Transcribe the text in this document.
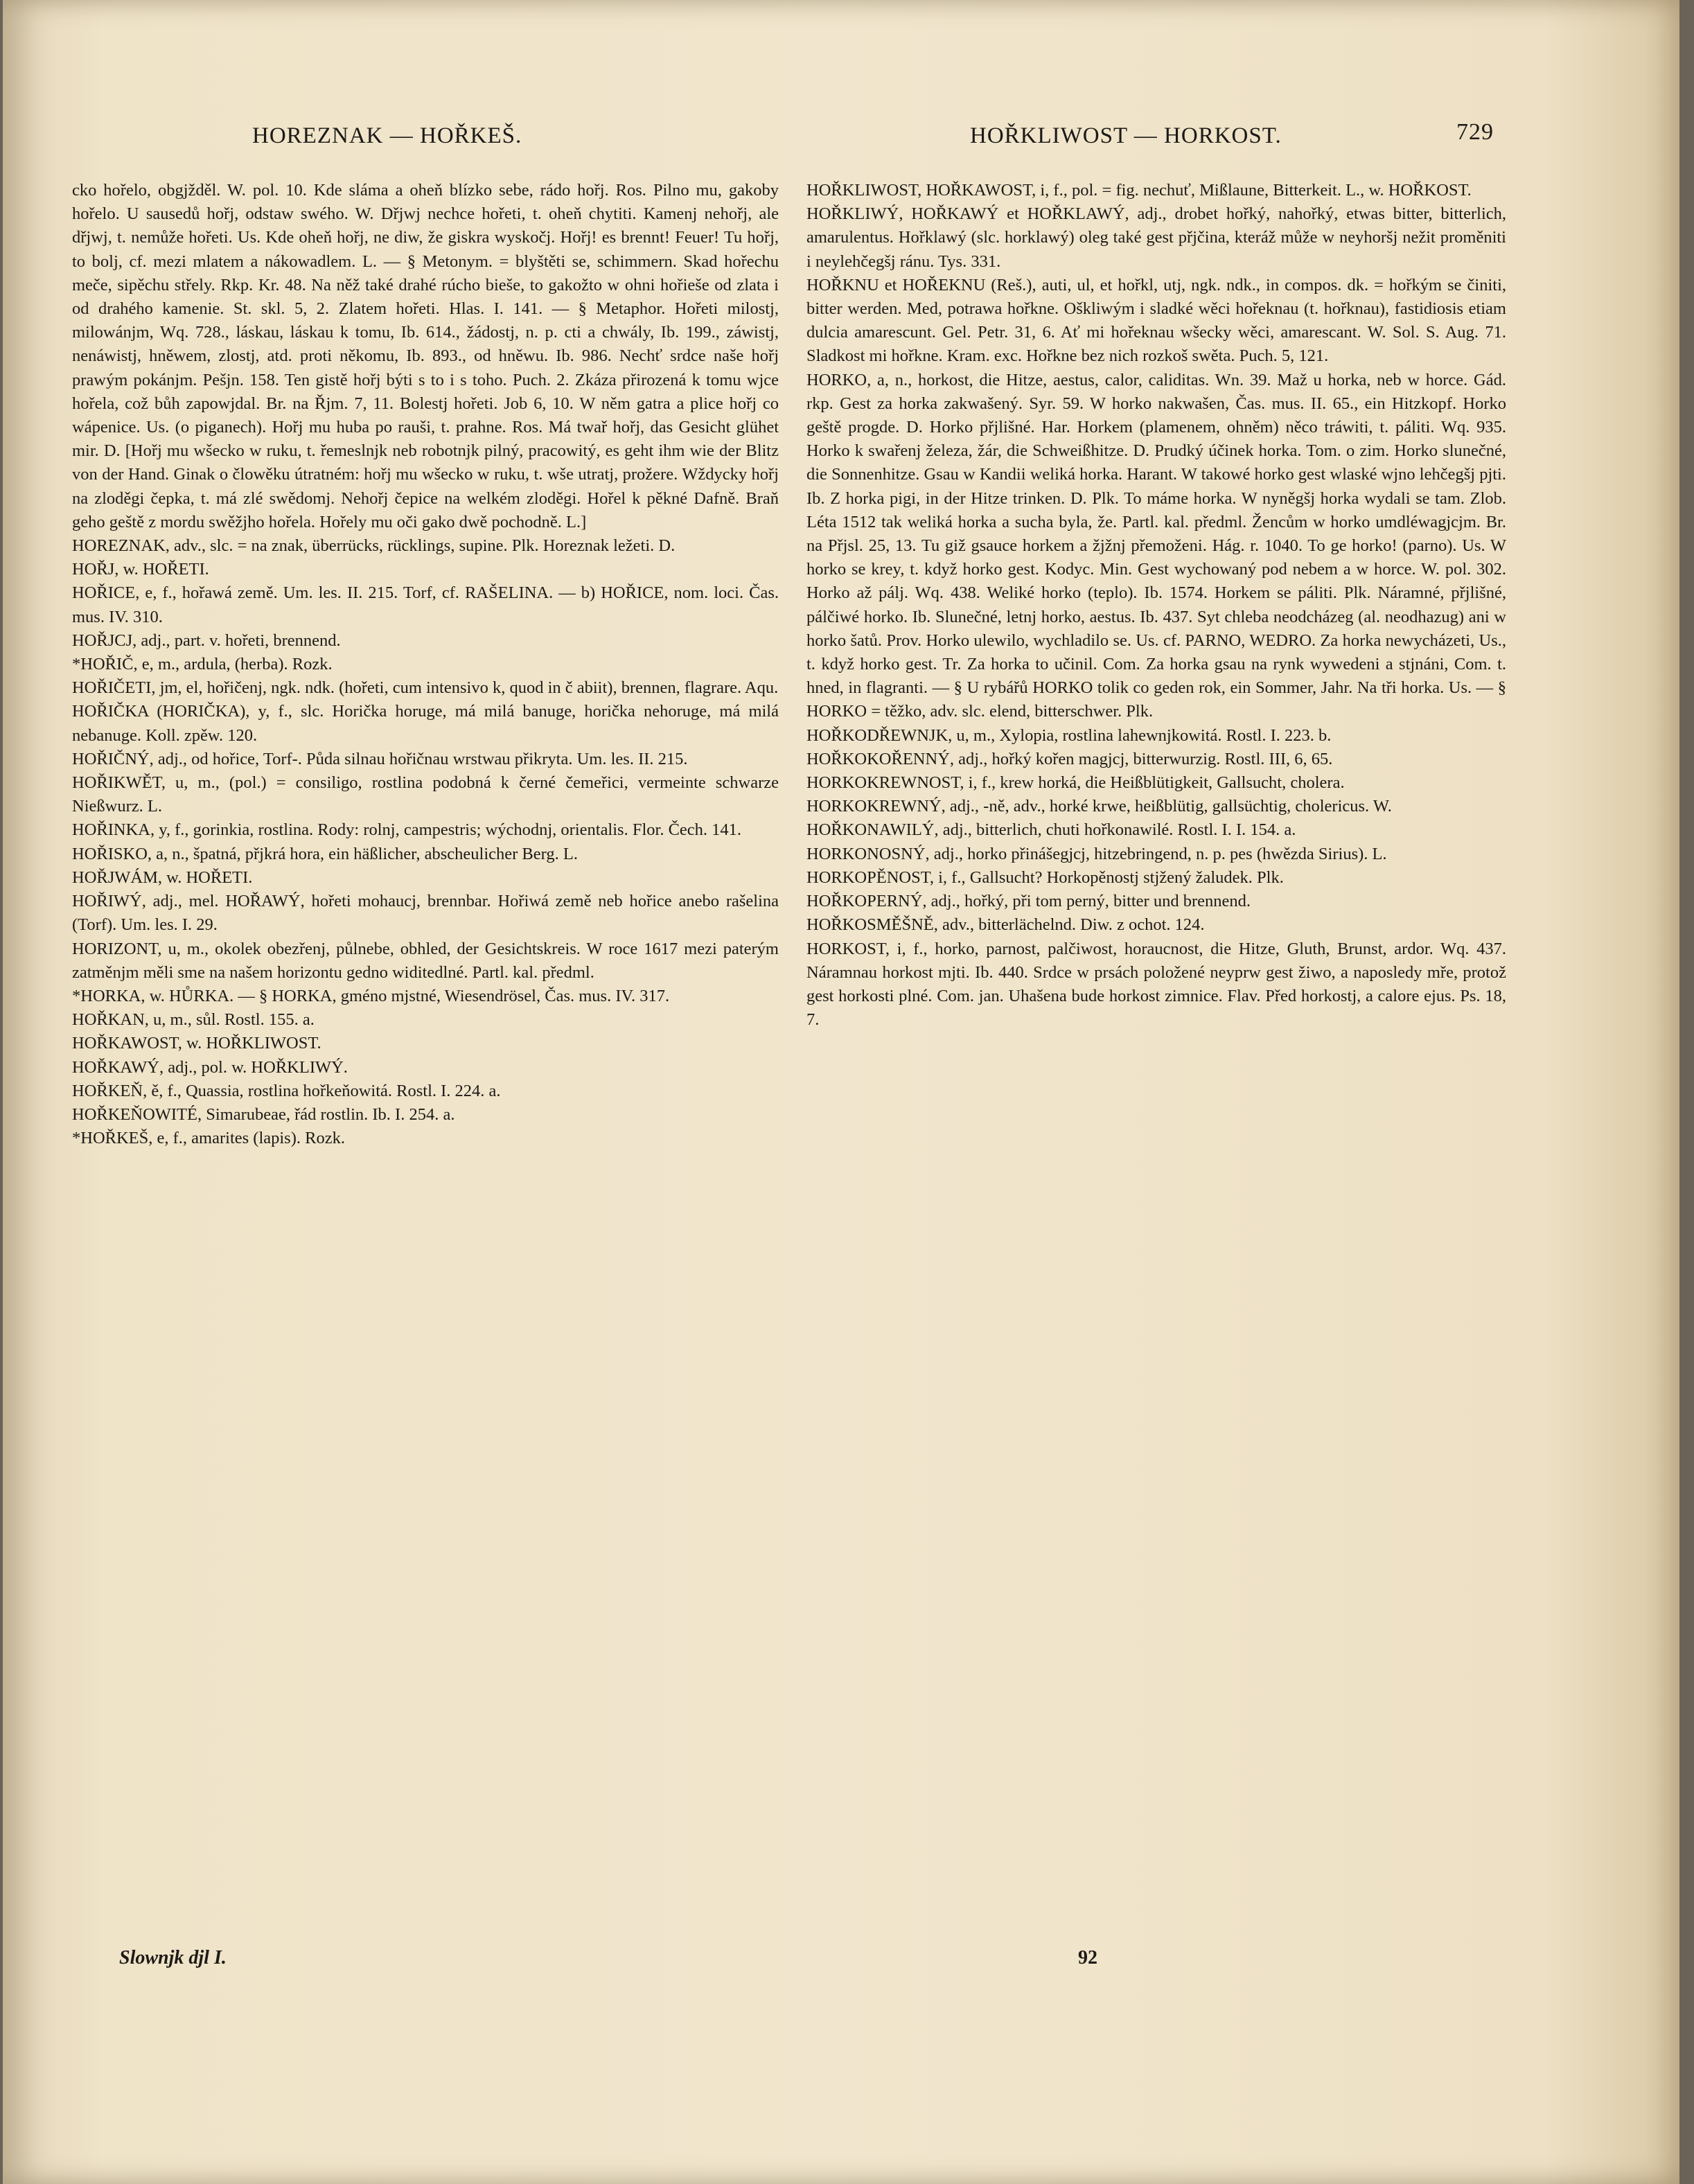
HOREZNAK — HOŘKEŠ.	HOŘKLIWOST — HORKOST.	729

cko hořelo, obgjžděl. W. pol. 10. Kde sláma a oheň blízko sebe, rádo hořj. Ros. Pilno mu, gakoby hořelo. U sausedů hořj, odstaw swého. W. Dřjwj nechce hořeti, t. oheň chytiti. Kamenj nehořj, ale dřjwj, t. nemůže hořeti. Us. Kde oheň hořj, ne diw, že giskra wyskočj. Hořj! es brennt! Feuer! Tu hořj, to bolj, cf. mezi mlatem a nákowadlem. L. — § Metonym. = blyštěti se, schimmern. Skad hořechu meče, sipěchu střely. Rkp. Kr. 48. Na něž také drahé rúcho bieše, to gakožto w ohni hořieše od zlata i od drahého kamenie. St. skl. 5, 2. Zlatem hořeti. Hlas. I. 141. — § Metaphor. Hořeti milostj, milowánjm, Wq. 728., láskau, láskau k tomu, Ib. 614., žádostj, n. p. cti a chwály, Ib. 199., záwistj, nenáwistj, hněwem, zlostj, atd. proti někomu, Ib. 893., od hněwu. Ib. 986. Nechť srdce naše hořj prawým pokánjm. Pešjn. 158. Ten gistě hořj býti s to i s toho. Puch. 2. Zkáza přirozená k tomu wjce hořela, což bůh zapowjdal. Br. na Řjm. 7, 11. Bolestj hořeti. Job 6, 10. W něm gatra a plice hořj co wápenice. Us. (o piganech). Hořj mu huba po rauši, t. prahne. Ros. Má twař hořj, das Gesicht glühet mir. D. [Hořj mu wšecko w ruku, t. řemeslnjk neb robotnjk pilný, pracowitý, es geht ihm wie der Blitz von der Hand. Ginak o člowěku útratném: hořj mu wšecko w ruku, t. wše utratj, prožere. Wždycky hořj na zloděgi čepka, t. má zlé swědomj. Nehořj čepice na welkém zloděgi. Hořel k pěkné Dafně. Braň geho geště z mordu swěžjho hořela. Hořely mu oči gako dwě pochodně. L.]

HOREZNAK, adv., slc. = na znak, überrücks, rücklings, supine. Plk. Horeznak ležeti. D.

HOŘJ, w. HOŘETI.

HOŘICE, e, f., hořawá země. Um. les. II. 215. Torf, cf. RAŠELINA. — b) HOŘICE, nom. loci. Čas. mus. IV. 310.

HOŘJCJ, adj., part. v. hořeti, brennend.

*HOŘIČ, e, m., ardula, (herba). Rozk.

HOŘIČETI, jm, el, hořičenj, ngk. ndk. (hořeti, cum intensivo k, quod in č abiit), brennen, flagrare. Aqu.

HOŘIČKA (HORIČKA), y, f., slc. Horička horuge, má milá banuge, horička nehoruge, má milá nebanuge. Koll. zpěw. 120.

HOŘIČNÝ, adj., od hořice, Torf-. Půda silnau hořičnau wrstwau přikryta. Um. les. II. 215.

HOŘIKWĚT, u, m., (pol.) = consiligo, rostlina podobná k černé čemeřici, vermeinte schwarze Nießwurz. L.

HOŘINKA, y, f., gorinkia, rostlina. Rody: rolnj, campestris; wýchodnj, orientalis. Flor. Čech. 141.

HOŘISKO, a, n., špatná, přjkrá hora, ein häßlicher, abscheulicher Berg. L.

HOŘJWÁM, w. HOŘETI.

HOŘIWÝ, adj., mel. HOŘAWÝ, hořeti mohaucj, brennbar. Hořiwá země neb hořice anebo rašelina (Torf). Um. les. I. 29.

HORIZONT, u, m., okolek obezřenj, půlnebe, obhled, der Gesichtskreis. W roce 1617 mezi paterým zatměnjm měli sme na našem horizontu gedno widitedlné. Partl. kal. předml.

*HORKA, w. HŮRKA. — § HORKA, gméno mjstné, Wiesendrösel, Čas. mus. IV. 317.

HOŘKAN, u, m., sůl. Rostl. 155. a.

HOŘKAWOST, w. HOŘKLIWOST.

HOŘKAWÝ, adj., pol. w. HOŘKLIWÝ.

HOŘKEŇ, ě, f., Quassia, rostlina hořkeňowitá. Rostl. I. 224. a.

HOŘKEŇOWITÉ, Simarubeae, řád rostlin. Ib. I. 254. a.

*HOŘKEŠ, e, f., amarites (lapis). Rozk.

HOŘKLIWOST, HOŘKAWOST, i, f., pol. = fig. nechuť, Mißlaune, Bitterkeit. L., w. HOŘKOST.

HOŘKLIWÝ, HOŘKAWÝ et HOŘKLAWÝ, adj., drobet hořký, nahořký, etwas bitter, bitterlich, amarulentus. Hořklawý (slc. horklawý) oleg také gest přjčina, kteráž může w neyhoršj nežit proměniti i neylehčegšj ránu. Tys. 331.

HOŘKNU et HOŘEKNU (Reš.), auti, ul, et hořkl, utj, ngk. ndk., in compos. dk. = hořkým se činiti, bitter werden. Med, potrawa hořkne. Oškliwým i sladké wěci hořeknau (t. hořknau), fastidiosis etiam dulcia amarescunt. Gel. Petr. 31, 6. Ať mi hořeknau wšecky wěci, amarescant. W. Sol. S. Aug. 71. Sladkost mi hořkne. Kram. exc. Hořkne bez nich rozkoš swěta. Puch. 5, 121.

HORKO, a, n., horkost, die Hitze, aestus, calor, caliditas. Wn. 39. Maž u horka, neb w horce. Gád. rkp. Gest za horka zakwašený. Syr. 59. W horko nakwašen, Čas. mus. II. 65., ein Hitzkopf. Horko geště progde. D. Horko přjlišné. Har. Horkem (plamenem, ohněm) něco tráwiti, t. páliti. Wq. 935. Horko k swařenj železa, žár, die Schweißhitze. D. Prudký účinek horka. Tom. o zim. Horko slunečné, die Sonnenhitze. Gsau w Kandii weliká horka. Harant. W takowé horko gest wlaské wjno lehčegšj pjti. Ib. Z horka pigi, in der Hitze trinken. D. Plk. To máme horka. W nyněgšj horka wydali se tam. Zlob. Léta 1512 tak weliká horka a sucha byla, že. Partl. kal. předml. Žencům w horko umdléwagjcjm. Br. na Přjsl. 25, 13. Tu giž gsauce horkem a žjžnj přemoženi. Hág. r. 1040. To ge horko! (parno). Us. W horko se krey, t. když horko gest. Kodyc. Min. Gest wychowaný pod nebem a w horce. W. pol. 302. Horko až pálj. Wq. 438. Weliké horko (teplo). Ib. 1574. Horkem se páliti. Plk. Náramné, přjlišné, pálčiwé horko. Ib. Slunečné, letnj horko, aestus. Ib. 437. Syt chleba neodcházeg (al. neodhazug) ani w horko šatů. Prov. Horko ulewilo, wychladilo se. Us. cf. PARNO, WEDRO. Za horka newycházeti, Us., t. když horko gest. Tr. Za horka to učinil. Com. Za horka gsau na rynk wywedeni a stjnáni, Com. t. hned, in flagranti. — § U rybářů HORKO tolik co geden rok, ein Sommer, Jahr. Na tři horka. Us. — § HORKO = těžko, adv. slc. elend, bitterschwer. Plk.

HOŘKODŘEWNJK, u, m., Xylopia, rostlina lahewnjkowitá. Rostl. I. 223. b.

HOŘKOKOŘENNÝ, adj., hořký kořen magjcj, bitterwurzig. Rostl. III, 6, 65.

HORKOKREWNOST, i, f., krew horká, die Heißblütigkeit, Gallsucht, cholera.

HORKOKREWNÝ, adj., -ně, adv., horké krwe, heißblütig, gallsüchtig, cholericus. W.

HOŘKONAWILÝ, adj., bitterlich, chuti hořkonawilé. Rostl. I. I. 154. a.

HORKONOSNÝ, adj., horko přinášegjcj, hitzebringend, n. p. pes (hwězda Sirius). L.

HORKOPĚNOST, i, f., Gallsucht? Horkopěnostj stjžený žaludek. Plk.

HOŘKOPERNÝ, adj., hořký, při tom perný, bitter und brennend.

HOŘKOSMĚŠNĚ, adv., bitterlächelnd. Diw. z ochot. 124.

HORKOST, i, f., horko, parnost, palčiwost, horaucnost, die Hitze, Gluth, Brunst, ardor. Wq. 437. Náramnau horkost mjti. Ib. 440. Srdce w prsách položené neyprw gest žiwo, a naposledy mře, protož gest horkosti plné. Com. jan. Uhašena bude horkost zimnice. Flav. Před horkostj, a calore ejus. Ps. 18, 7.

Slownjk djl I.	92
